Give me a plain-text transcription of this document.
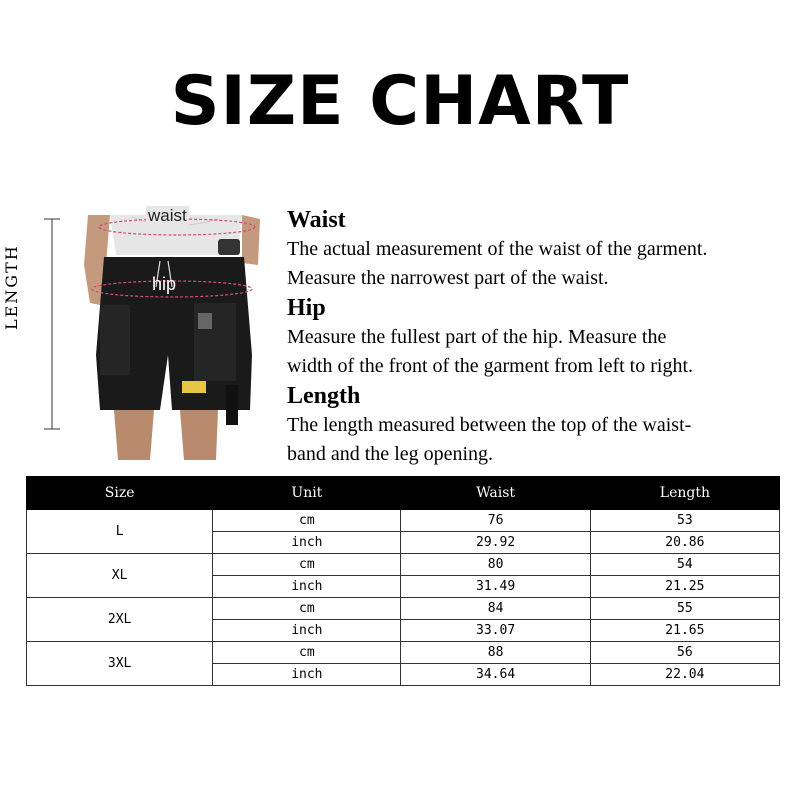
SIZE CHART
waist
hip
LENGTH
Waist
The actual measurement of the waist of the garment.
Measure the narrowest part of the waist.
Hip
Measure the fullest part of the hip. Measure the
width of the front of the garment from left to right.
Length
The length measured between the top of the waist-
band and the leg opening.
Size	Unit	Waist	Length
L	cm	76	53
	inch	29.92	20.86
XL	cm	80	54
	inch	31.49	21.25
2XL	cm	84	55
	inch	33.07	21.65
3XL	cm	88	56
	inch	34.64	22.04
